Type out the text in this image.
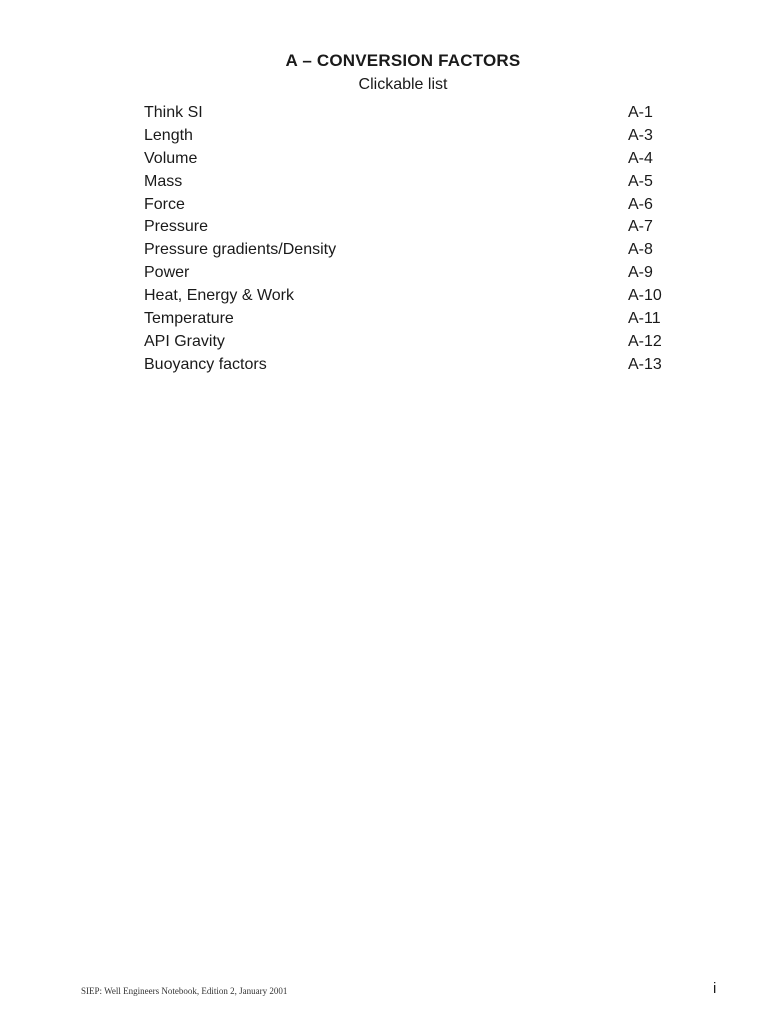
A – CONVERSION FACTORS
Clickable list
Think SI	A-1
Length	A-3
Volume	A-4
Mass	A-5
Force	A-6
Pressure	A-7
Pressure gradients/Density	A-8
Power	A-9
Heat, Energy & Work	A-10
Temperature	A-11
API Gravity	A-12
Buoyancy factors	A-13
SIEP: Well Engineers Notebook, Edition 2, January 2001	i
